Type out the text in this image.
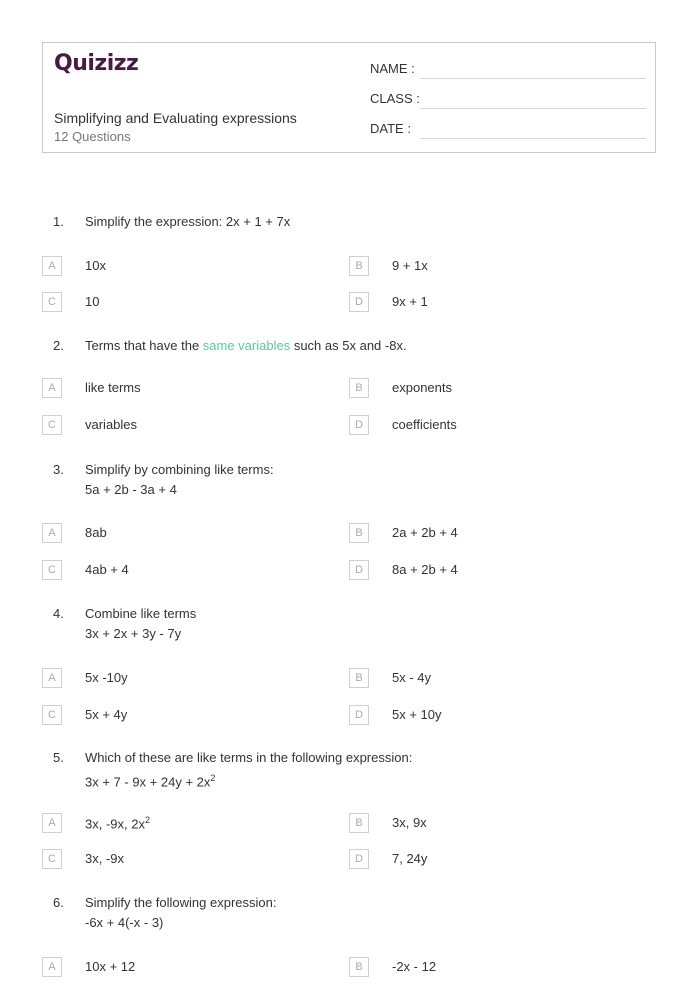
Quizizz
Simplifying and Evaluating expressions
12 Questions
NAME :
CLASS :
DATE :
1. Simplify the expression: 2x + 1 + 7x
A	10x	B	9 + 1x
C	10	D	9x + 1
2. Terms that have the same variables such as 5x and -8x.
A	like terms	B	exponents
C	variables	D	coefficients
3. Simplify by combining like terms:
5a + 2b - 3a + 4
A	8ab	B	2a + 2b + 4
C	4ab + 4	D	8a + 2b + 4
4. Combine like terms
3x + 2x + 3y - 7y
A	5x -10y	B	5x - 4y
C	5x + 4y	D	5x + 10y
5. Which of these are like terms in the following expression:
$3x + 7 - 9x + 24y + 2x^2$
A	3x, -9x, $2x^2$	B	3x, 9x
C	3x, -9x	D	7, 24y
6. Simplify the following expression:
-6x + 4(-x - 3)
A	10x + 12	B	-2x - 12
